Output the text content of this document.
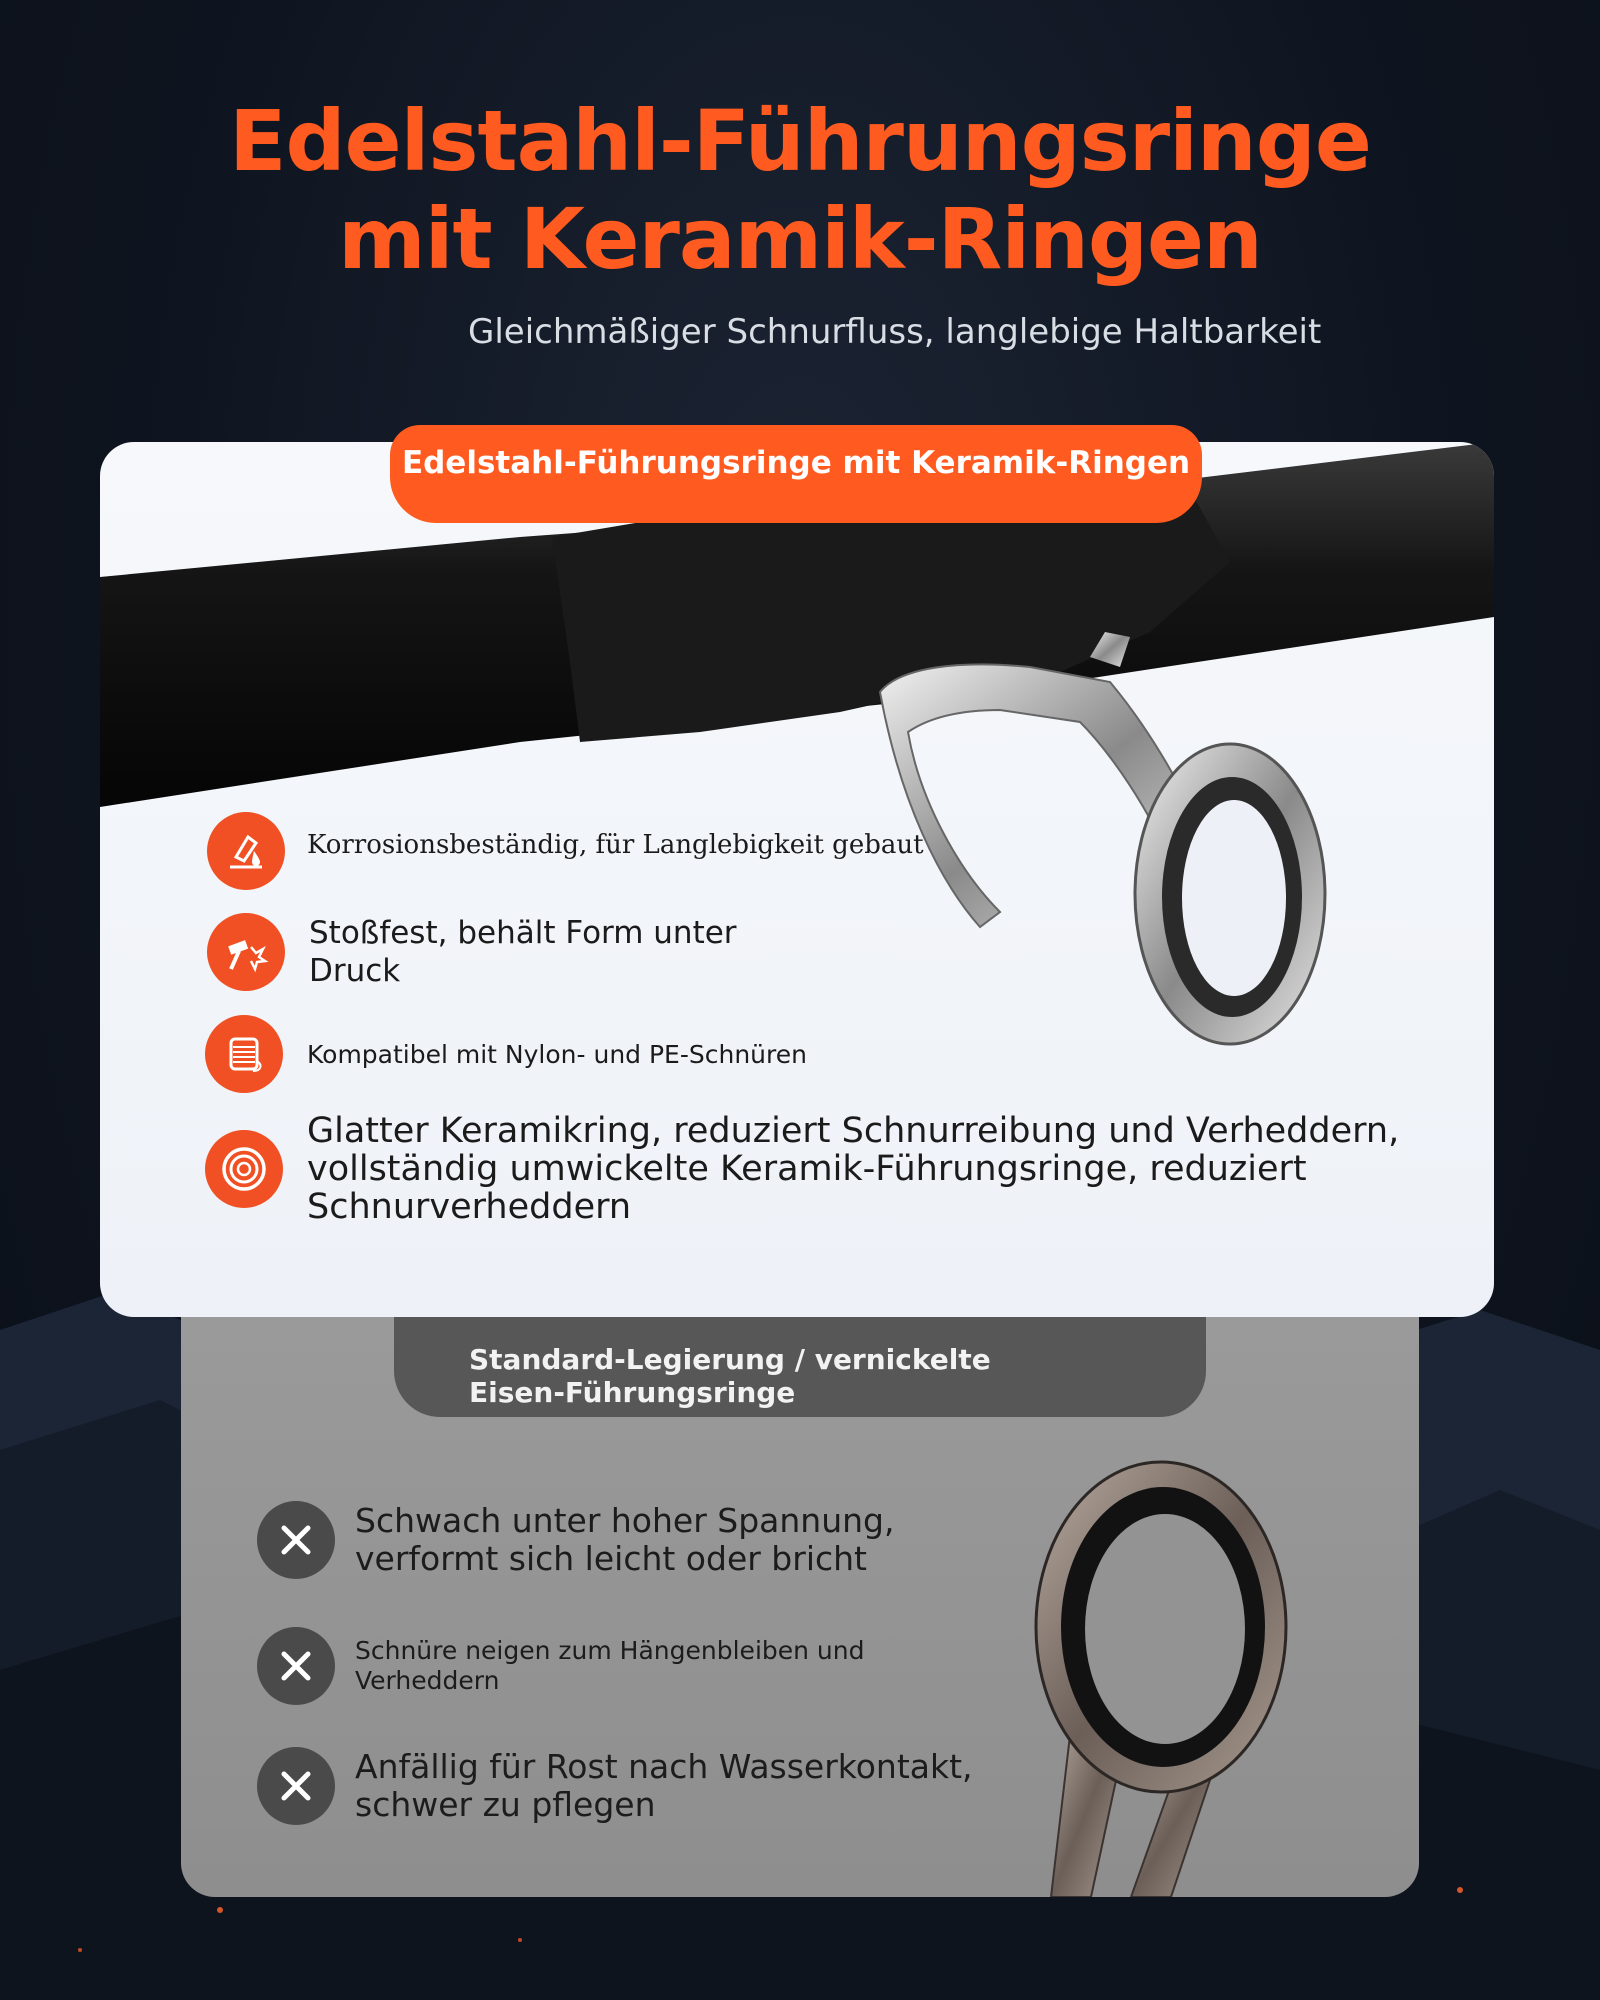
Edelstahl-Führungsringe
mit Keramik-Ringen
Gleichmäßiger Schnurfluss, langlebige Haltbarkeit
Edelstahl-Führungsringe mit Keramik-Ringen
Korrosionsbeständig, für Langlebigkeit gebaut
Stoßfest, behält Form unter Druck
Kompatibel mit Nylon- und PE-Schnüren
Glatter Keramikring, reduziert Schnurreibung und Verheddern, vollständig umwickelte Keramik-Führungsringe, reduziert Schnurverheddern
Standard-Legierung / vernickelte
Eisen-Führungsringe
Schwach unter hoher Spannung,
verformt sich leicht oder bricht
Schnüre neigen zum Hängenbleiben und
Verheddern
Anfällig für Rost nach Wasserkontakt,
schwer zu pflegen
